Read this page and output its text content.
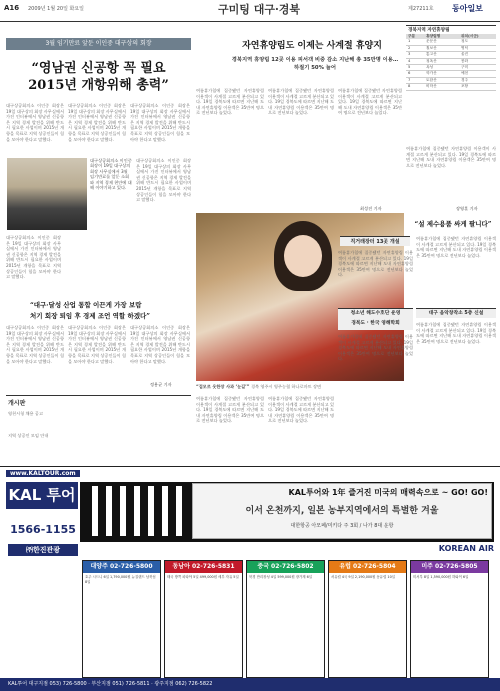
A16 2009년 1월 20일 화요일	구미팅 대구·경북	제27211호 동아일보
3월 임기만료 앞둔 이인중 대구상의 회장
“영남권 신공항 꼭 필요
2015년 개항위해 총력”
대구상공회의소 이인중 회장은 19일 대구상의 회장 사무실에서 가진 인터뷰에서 영남권 신공항은 지역 경제 발전을 위해 반드시 필요한 사업이며 2015년 개항을 목표로 지역 상공인들이 힘을 모아야 한다고 말했다.
대구상공회의소 이인중 회장은 19일 대구상의 회장 사무실에서 가진 인터뷰에서 영남권 신공항은 지역 경제 발전을 위해 반드시 필요한 사업이며 2015년 개항을 목표로 지역 상공인들이 힘을 모아야 한다고 말했다.
대구상공회의소 이인중 회장은 19일 대구상의 회장 사무실에서 가진 인터뷰에서 영남권 신공항은 지역 경제 발전을 위해 반드시 필요한 사업이며 2015년 개항을 목표로 지역 상공인들이 힘을 모아야 한다고 말했다.
대구상공회의소 이인중 회장이 19일 대구상의 회장 사무실에서 3월 임기만료를 앞둔 소회와 지역 경제 현안에 대해 이야기하고 있다.
대구상공회의소 이인중 회장은 19일 대구상의 회장 사무실에서 가진 인터뷰에서 영남권 신공항은 지역 경제 발전을 위해 반드시 필요한 사업이며 2015년 개항을 목표로 지역 상공인들이 힘을 모아야 한다고 말했다.
대구상공회의소 이인중 회장은 19일 대구상의 회장 사무실에서 가진 인터뷰에서 영남권 신공항은 지역 경제 발전을 위해 반드시 필요한 사업이며 2015년 개항을 목표로 지역 상공인들이 힘을 모아야 한다고 말했다.
“대구·달성 산업 통합 이끈게 가장 보람
처기 회장 퇴임 후 경제 조언 역할 하겠다”
대구상공회의소 이인중 회장은 19일 대구상의 회장 사무실에서 가진 인터뷰에서 영남권 신공항은 지역 경제 발전을 위해 반드시 필요한 사업이며 2015년 개항을 목표로 지역 상공인들이 힘을 모아야 한다고 말했다.
대구상공회의소 이인중 회장은 19일 대구상의 회장 사무실에서 가진 인터뷰에서 영남권 신공항은 지역 경제 발전을 위해 반드시 필요한 사업이며 2015년 개항을 목표로 지역 상공인들이 힘을 모아야 한다고 말했다.
대구상공회의소 이인중 회장은 19일 대구상의 회장 사무실에서 가진 인터뷰에서 영남권 신공항은 지역 경제 발전을 위해 반드시 필요한 사업이며 2015년 개항을 목표로 지역 상공인들이 힘을 모아야 한다고 말했다.
정용균 기자
개시판
영천시청 채용 공고
지역 상공인 모임 안내
자연휴양림도 이제는 사계절 휴양지
경북지역 휴양림 12곳 이용 피서객 비중 감소 지난해 총 35만명 이용… 하절기 50% 늘어
여름휴가철에 집중됐던 자연휴양림 이용객이 사계절 고르게 분산되고 있다. 19일 경북도에 따르면 지난해 도내 자연휴양림 이용객은 35만여 명으로 전년보다 늘었다.
여름휴가철에 집중됐던 자연휴양림 이용객이 사계절 고르게 분산되고 있다. 19일 경북도에 따르면 지난해 도내 자연휴양림 이용객은 35만여 명으로 전년보다 늘었다.
여름휴가철에 집중됐던 자연휴양림 이용객이 사계절 고르게 분산되고 있다. 19일 경북도에 따르면 지난해 도내 자연휴양림 이용객은 35만여 명으로 전년보다 늘었다.
최성진 기자
“겉모르 옷한장 사과 ‘눈길’” 경북 영주시 영주농협 하나로마트 장면
여름휴가철에 집중됐던 자연휴양림 이용객이 사계절 고르게 분산되고 있다. 19일 경북도에 따르면 지난해 도내 자연휴양림 이용객은 35만여 명으로 전년보다 늘었다.
여름휴가철에 집중됐던 자연휴양림 이용객이 사계절 고르게 분산되고 있다. 19일 경북도에 따르면 지난해 도내 자연휴양림 이용객은 35만여 명으로 전년보다 늘었다.
경북지역 자연휴양림
구분	휴양림명	위치(시군)
1	운문산	청도
2	칠보산	영덕
3	통고산	울진
4	청옥산	봉화
5	옥성	구미
6	학가산	예천
7	토함산	경주
8	비학산	포항
여름휴가철에 집중됐던 자연휴양림 이용객이 사계절 고르게 분산되고 있다. 19일 경북도에 따르면 지난해 도내 자연휴양림 이용객은 35만여 명으로 전년보다 늘었다.
장영훈 기자
“설 제수용품 싸게 팔니다”
직거래장터 13곳 개설
여름휴가철에 집중됐던 자연휴양림 이용객이 사계절 고르게 분산되고 있다. 19일 경북도에 따르면 지난해 도내 자연휴양림 이용객은 35만여 명으로 전년보다 늘었다.
여름휴가철에 집중됐던 자연휴양림 이용객이 사계절 고르게 분산되고 있다. 19일 경북도에 따르면 지난해 도내 자연휴양림 이용객은 35만여 명으로 전년보다 늘었다.
청소년 해도수호단 운영
경북도 · 한국 영해학회
여름휴가철에 집중됐던 자연휴양림 이용객이 사계절 고르게 분산되고 있다. 19일 경북도에 따르면 지난해 도내 자연휴양림 이용객은 35만여 명으로 전년보다 늘었다.
대구 음악창작소 5층 신설
여름휴가철에 집중됐던 자연휴양림 이용객이 사계절 고르게 분산되고 있다. 19일 경북도에 따르면 지난해 도내 자연휴양림 이용객은 35만여 명으로 전년보다 늘었다.
www.KALTOUR.com
KAL 투어	KAL투어와 1年 즐거진 미국의 매력속으로 ~ GO! GO!
이서 온천까지, 일본 농부지역에서의 특별한 겨울
대한항공 아모페/미키다 주 3회 / 나가 8대 운항
KOREAN AIR
1566-1155
㈜한진관광
대양주 02-726-5800
호주 시드니 6일 1,790,000원 뉴질랜드 남북섬 8일
동남아 02-726-5831
태국 방콕 파타야 5일 499,000원 세부 자유 5일
중국 02-726-5802
북경 만리장성 4일 599,000원 장가계 6일
유럽 02-726-5804
서유럽 4국 9일 2,190,000원 동유럽 10일
미주 02-726-5805
미서부 8일 1,590,000원 하와이 6일
KAL투어 대구지점 053) 726-5800 · 부산지점 051) 726-5811 · 광주지점 062) 726-5822
